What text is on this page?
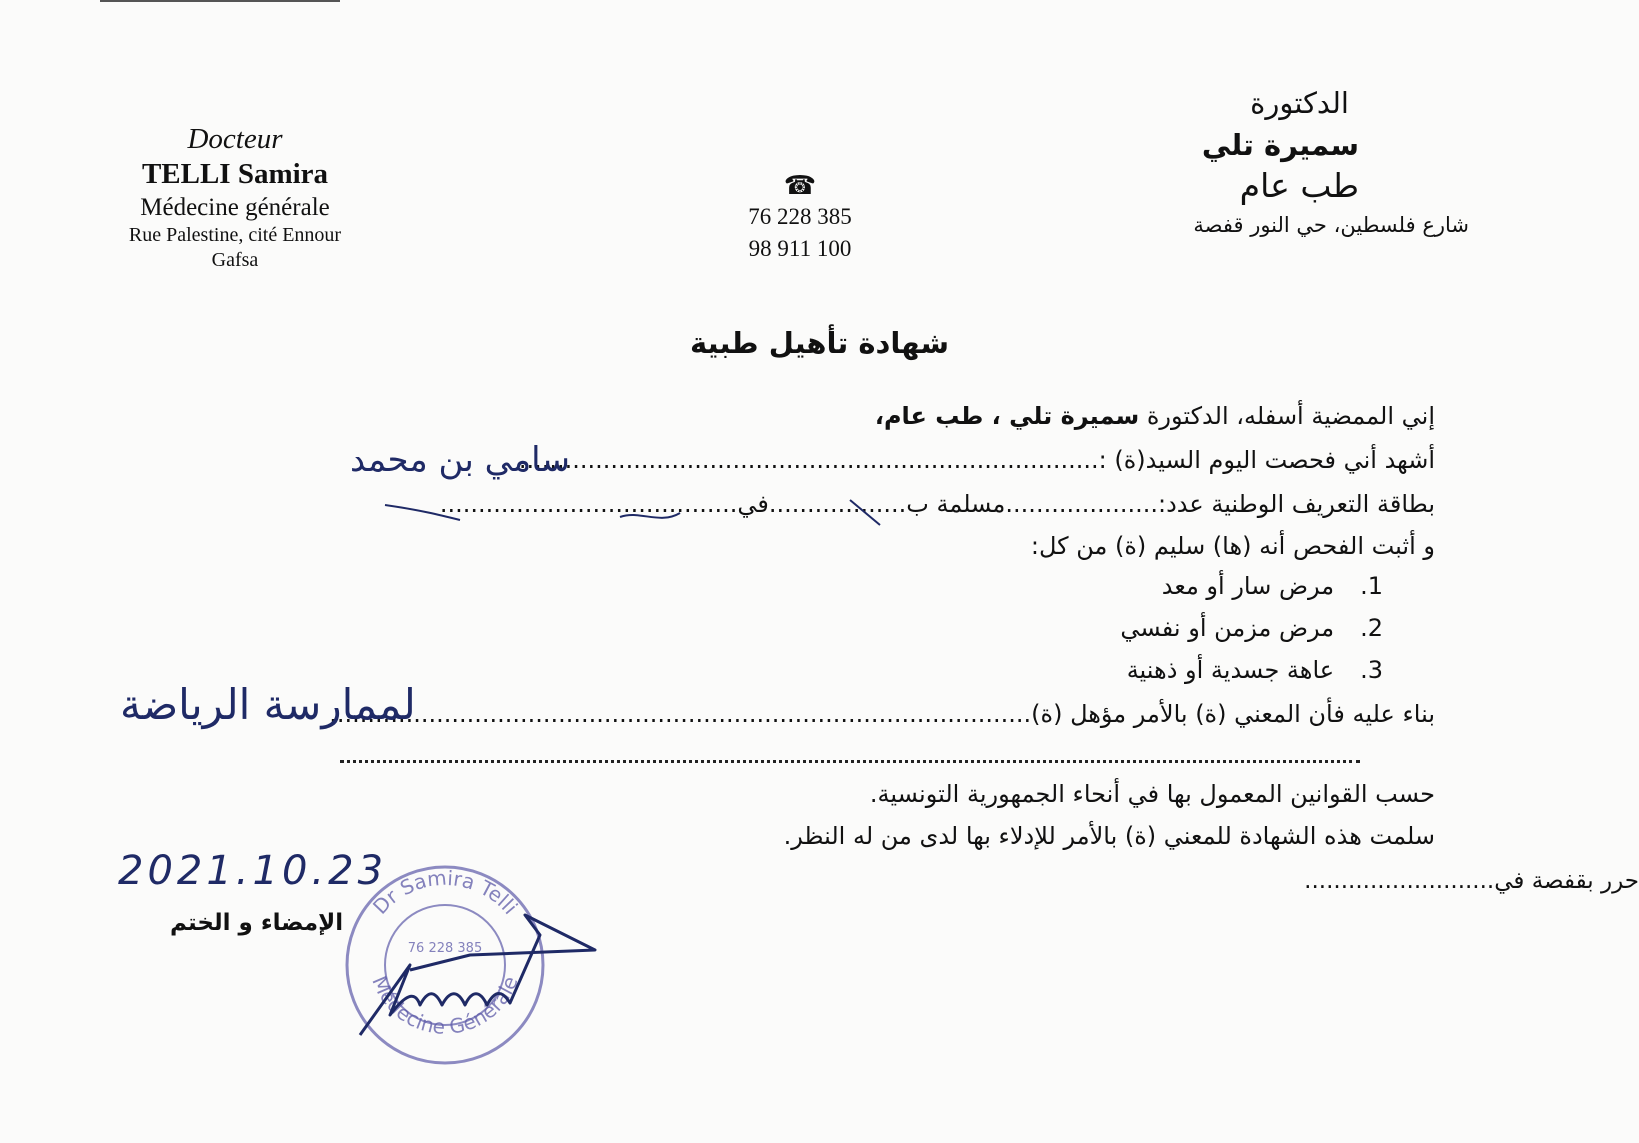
Docteur
TELLI Samira
Médecine générale
Rue Palestine, cité Ennour
Gafsa
☎
76 228 385
98 911 100
الدكتورة
سميرة تلي
طب عام
شارع فلسطين، حي النور قفصة
شهادة تأهيل طبية
إني الممضية أسفله، الدكتورة سميرة تلي ، طب عام،
أشهد أني فحصت اليوم السيد(ة) :............................................................................
بطاقة التعريف الوطنية عدد:....................مسلمة ب..................في.......................................
و أثبت الفحص أنه (ها) سليم (ة) من كل:
1.مرض سار أو معد
2.مرض مزمن أو نفسي
3.عاهة جسدية أو ذهنية
بناء عليه فأن المعني (ة) بالأمر مؤهل (ة)............................................................................................
حسب القوانين المعمول بها في أنحاء الجمهورية التونسية.
سلمت هذه الشهادة للمعني (ة) بالأمر للإدلاء بها لدى من له النظر.
حرر بقفصة في..........................
الإمضاء و الختم
2021.10.23
سامي بن محمد
لممارسة الرياضة
Dr Samira Telli
Médecine Générale
76 228 385
